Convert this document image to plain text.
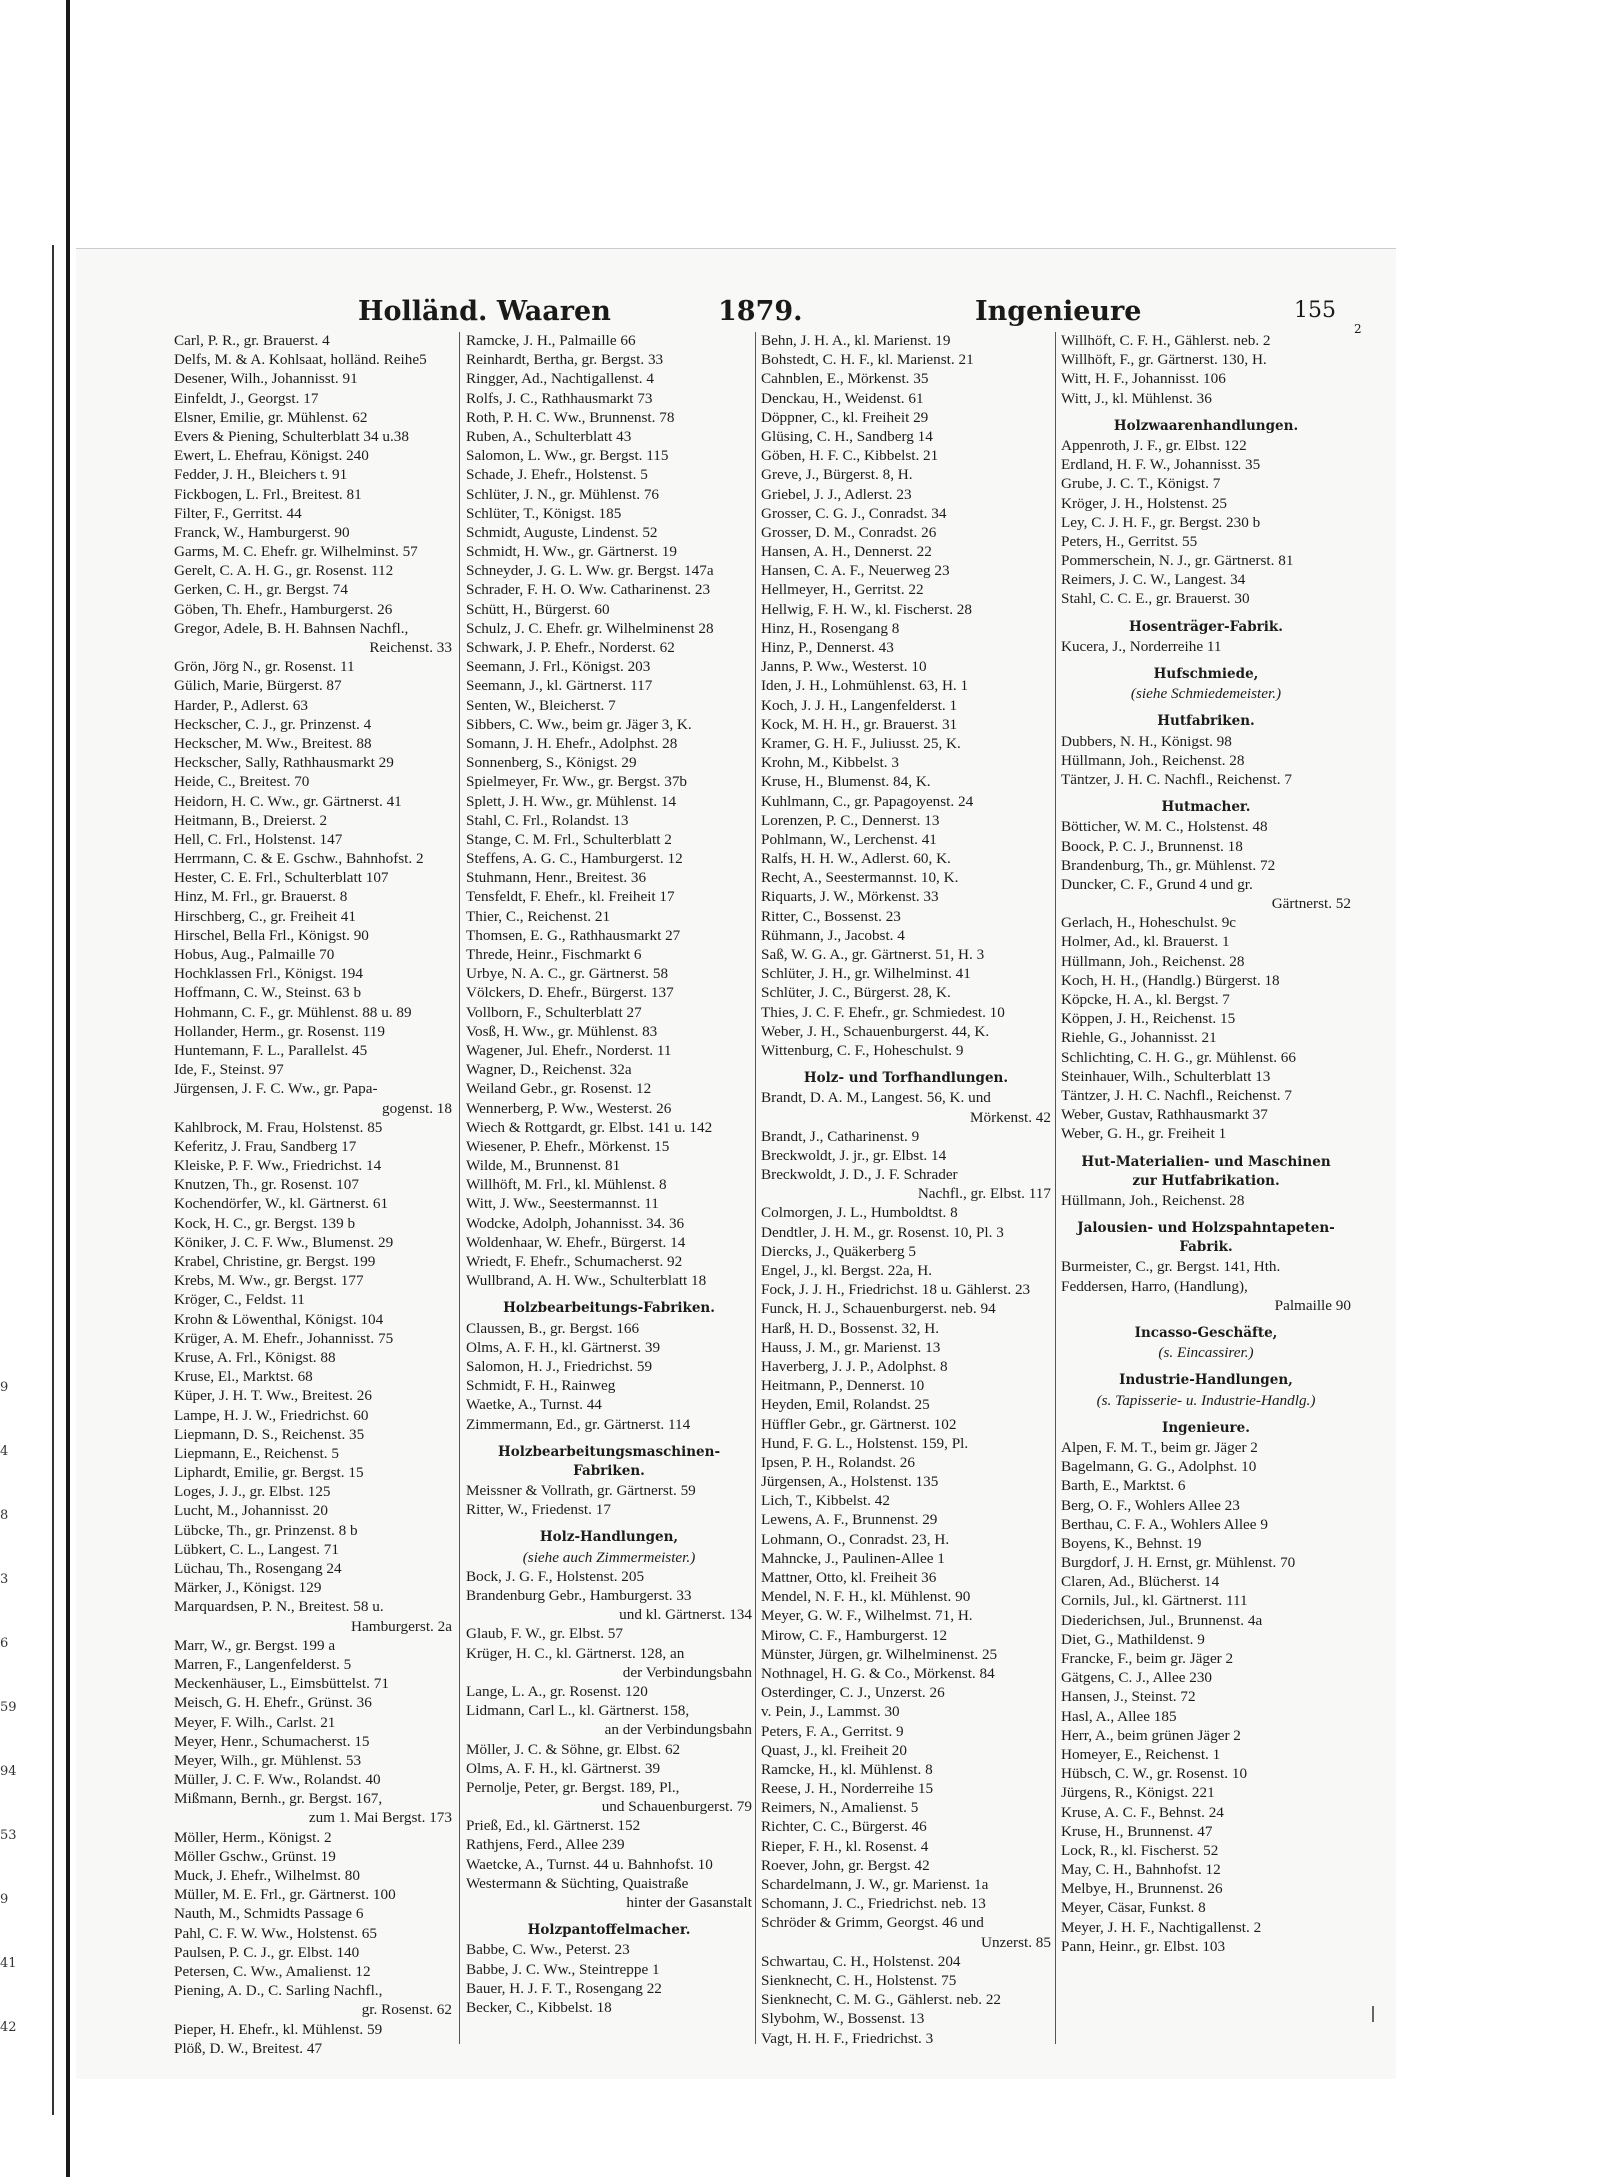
9
4
8
3
6
59
94
53
9
41
42
Holländ. Waaren	1879.	Ingenieure	155
2
Carl, P. R., gr. Brauerst. 4
Delfs, M. & A. Kohlsaat, holländ. Reihe5
Desener, Wilh., Johannisst. 91
Einfeldt, J., Georgst. 17
Elsner, Emilie, gr. Mühlenst. 62
Evers & Piening, Schulterblatt 34 u.38
Ewert, L. Ehefrau, Königst. 240
Fedder, J. H., Bleichers t. 91
Fickbogen, L. Frl., Breitest. 81
Filter, F., Gerritst. 44
Franck, W., Hamburgerst. 90
Garms, M. C. Ehefr. gr. Wilhelminst. 57
Gerelt, C. A. H. G., gr. Rosenst. 112
Gerken, C. H., gr. Bergst. 74
Göben, Th. Ehefr., Hamburgerst. 26
Gregor, Adele, B. H. Bahnsen Nachfl.,
Reichenst. 33
Grön, Jörg N., gr. Rosenst. 11
Gülich, Marie, Bürgerst. 87
Harder, P., Adlerst. 63
Heckscher, C. J., gr. Prinzenst. 4
Heckscher, M. Ww., Breitest. 88
Heckscher, Sally, Rathhausmarkt 29
Heide, C., Breitest. 70
Heidorn, H. C. Ww., gr. Gärtnerst. 41
Heitmann, B., Dreierst. 2
Hell, C. Frl., Holstenst. 147
Herrmann, C. & E. Gschw., Bahnhofst. 2
Hester, C. E. Frl., Schulterblatt 107
Hinz, M. Frl., gr. Brauerst. 8
Hirschberg, C., gr. Freiheit 41
Hirschel, Bella Frl., Königst. 90
Hobus, Aug., Palmaille 70
Hochklassen Frl., Königst. 194
Hoffmann, C. W., Steinst. 63 b
Hohmann, C. F., gr. Mühlenst. 88 u. 89
Hollander, Herm., gr. Rosenst. 119
Huntemann, F. L., Parallelst. 45
Ide, F., Steinst. 97
Jürgensen, J. F. C. Ww., gr. Papa-
gogenst. 18
Kahlbrock, M. Frau, Holstenst. 85
Keferitz, J. Frau, Sandberg 17
Kleiske, P. F. Ww., Friedrichst. 14
Knutzen, Th., gr. Rosenst. 107
Kochendörfer, W., kl. Gärtnerst. 61
Kock, H. C., gr. Bergst. 139 b
Köniker, J. C. F. Ww., Blumenst. 29
Krabel, Christine, gr. Bergst. 199
Krebs, M. Ww., gr. Bergst. 177
Kröger, C., Feldst. 11
Krohn & Löwenthal, Königst. 104
Krüger, A. M. Ehefr., Johannisst. 75
Kruse, A. Frl., Königst. 88
Kruse, El., Marktst. 68
Küper, J. H. T. Ww., Breitest. 26
Lampe, H. J. W., Friedrichst. 60
Liepmann, D. S., Reichenst. 35
Liepmann, E., Reichenst. 5
Liphardt, Emilie, gr. Bergst. 15
Loges, J. J., gr. Elbst. 125
Lucht, M., Johannisst. 20
Lübcke, Th., gr. Prinzenst. 8 b
Lübkert, C. L., Langest. 71
Lüchau, Th., Rosengang 24
Märker, J., Königst. 129
Marquardsen, P. N., Breitest. 58 u.
Hamburgerst. 2a
Marr, W., gr. Bergst. 199 a
Marren, F., Langenfelderst. 5
Meckenhäuser, L., Eimsbüttelst. 71
Meisch, G. H. Ehefr., Grünst. 36
Meyer, F. Wilh., Carlst. 21
Meyer, Henr., Schumacherst. 15
Meyer, Wilh., gr. Mühlenst. 53
Müller, J. C. F. Ww., Rolandst. 40
Mißmann, Bernh., gr. Bergst. 167,
zum 1. Mai Bergst. 173
Möller, Herm., Königst. 2
Möller Gschw., Grünst. 19
Muck, J. Ehefr., Wilhelmst. 80
Müller, M. E. Frl., gr. Gärtnerst. 100
Nauth, M., Schmidts Passage 6
Pahl, C. F. W. Ww., Holstenst. 65
Paulsen, P. C. J., gr. Elbst. 140
Petersen, C. Ww., Amalienst. 12
Piening, A. D., C. Sarling Nachfl.,
gr. Rosenst. 62
Pieper, H. Ehefr., kl. Mühlenst. 59
Plöß, D. W., Breitest. 47
Ramcke, J. H., Palmaille 66
Reinhardt, Bertha, gr. Bergst. 33
Ringger, Ad., Nachtigallenst. 4
Rolfs, J. C., Rathhausmarkt 73
Roth, P. H. C. Ww., Brunnenst. 78
Ruben, A., Schulterblatt 43
Salomon, L. Ww., gr. Bergst. 115
Schade, J. Ehefr., Holstenst. 5
Schlüter, J. N., gr. Mühlenst. 76
Schlüter, T., Königst. 185
Schmidt, Auguste, Lindenst. 52
Schmidt, H. Ww., gr. Gärtnerst. 19
Schneyder, J. G. L. Ww. gr. Bergst. 147a
Schrader, F. H. O. Ww. Catharinenst. 23
Schütt, H., Bürgerst. 60
Schulz, J. C. Ehefr. gr. Wilhelminenst 28
Schwark, J. P. Ehefr., Norderst. 62
Seemann, J. Frl., Königst. 203
Seemann, J., kl. Gärtnerst. 117
Senten, W., Bleicherst. 7
Sibbers, C. Ww., beim gr. Jäger 3, K.
Somann, J. H. Ehefr., Adolphst. 28
Sonnenberg, S., Königst. 29
Spielmeyer, Fr. Ww., gr. Bergst. 37b
Splett, J. H. Ww., gr. Mühlenst. 14
Stahl, C. Frl., Rolandst. 13
Stange, C. M. Frl., Schulterblatt 2
Steffens, A. G. C., Hamburgerst. 12
Stuhmann, Henr., Breitest. 36
Tensfeldt, F. Ehefr., kl. Freiheit 17
Thier, C., Reichenst. 21
Thomsen, E. G., Rathhausmarkt 27
Threde, Heinr., Fischmarkt 6
Urbye, N. A. C., gr. Gärtnerst. 58
Völckers, D. Ehefr., Bürgerst. 137
Vollborn, F., Schulterblatt 27
Vosß, H. Ww., gr. Mühlenst. 83
Wagener, Jul. Ehefr., Norderst. 11
Wagner, D., Reichenst. 32a
Weiland Gebr., gr. Rosenst. 12
Wennerberg, P. Ww., Westerst. 26
Wiech & Rottgardt, gr. Elbst. 141 u. 142
Wiesener, P. Ehefr., Mörkenst. 15
Wilde, M., Brunnenst. 81
Willhöft, M. Frl., kl. Mühlenst. 8
Witt, J. Ww., Seestermannst. 11
Wodcke, Adolph, Johannisst. 34. 36
Woldenhaar, W. Ehefr., Bürgerst. 14
Wriedt, F. Ehefr., Schumacherst. 92
Wullbrand, A. H. Ww., Schulterblatt 18
Holzbearbeitungs-Fabriken.
Claussen, B., gr. Bergst. 166
Olms, A. F. H., kl. Gärtnerst. 39
Salomon, H. J., Friedrichst. 59
Schmidt, F. H., Rainweg
Waetke, A., Turnst. 44
Zimmermann, Ed., gr. Gärtnerst. 114
Holzbearbeitungsmaschinen-
Fabriken.
Meissner & Vollrath, gr. Gärtnerst. 59
Ritter, W., Friedenst. 17
Holz-Handlungen,
(siehe auch Zimmermeister.)
Bock, J. G. F., Holstenst. 205
Brandenburg Gebr., Hamburgerst. 33
und kl. Gärtnerst. 134
Glaub, F. W., gr. Elbst. 57
Krüger, H. C., kl. Gärtnerst. 128, an
der Verbindungsbahn
Lange, L. A., gr. Rosenst. 120
Lidmann, Carl L., kl. Gärtnerst. 158,
an der Verbindungsbahn
Möller, J. C. & Söhne, gr. Elbst. 62
Olms, A. F. H., kl. Gärtnerst. 39
Pernolje, Peter, gr. Bergst. 189, Pl.,
und Schauenburgerst. 79
Prieß, Ed., kl. Gärtnerst. 152
Rathjens, Ferd., Allee 239
Waetcke, A., Turnst. 44 u. Bahnhofst. 10
Westermann & Süchting, Quaistraße
hinter der Gasanstalt
Holzpantoffelmacher.
Babbe, C. Ww., Peterst. 23
Babbe, J. C. Ww., Steintreppe 1
Bauer, H. J. F. T., Rosengang 22
Becker, C., Kibbelst. 18
Behn, J. H. A., kl. Marienst. 19
Bohstedt, C. H. F., kl. Marienst. 21
Cahnblen, E., Mörkenst. 35
Denckau, H., Weidenst. 61
Döppner, C., kl. Freiheit 29
Glüsing, C. H., Sandberg 14
Göben, H. F. C., Kibbelst. 21
Greve, J., Bürgerst. 8, H.
Griebel, J. J., Adlerst. 23
Grosser, C. G. J., Conradst. 34
Grosser, D. M., Conradst. 26
Hansen, A. H., Dennerst. 22
Hansen, C. A. F., Neuerweg 23
Hellmeyer, H., Gerritst. 22
Hellwig, F. H. W., kl. Fischerst. 28
Hinz, H., Rosengang 8
Hinz, P., Dennerst. 43
Janns, P. Ww., Westerst. 10
Iden, J. H., Lohmühlenst. 63, H. 1
Koch, J. J. H., Langenfelderst. 1
Kock, M. H. H., gr. Brauerst. 31
Kramer, G. H. F., Juliusst. 25, K.
Krohn, M., Kibbelst. 3
Kruse, H., Blumenst. 84, K.
Kuhlmann, C., gr. Papagoyenst. 24
Lorenzen, P. C., Dennerst. 13
Pohlmann, W., Lerchenst. 41
Ralfs, H. H. W., Adlerst. 60, K.
Recht, A., Seestermannst. 10, K.
Riquarts, J. W., Mörkenst. 33
Ritter, C., Bossenst. 23
Rühmann, J., Jacobst. 4
Saß, W. G. A., gr. Gärtnerst. 51, H. 3
Schlüter, J. H., gr. Wilhelminst. 41
Schlüter, J. C., Bürgerst. 28, K.
Thies, J. C. F. Ehefr., gr. Schmiedest. 10
Weber, J. H., Schauenburgerst. 44, K.
Wittenburg, C. F., Hoheschulst. 9
Holz- und Torfhandlungen.
Brandt, D. A. M., Langest. 56, K. und
Mörkenst. 42
Brandt, J., Catharinenst. 9
Breckwoldt, J. jr., gr. Elbst. 14
Breckwoldt, J. D., J. F. Schrader
Nachfl., gr. Elbst. 117
Colmorgen, J. L., Humboldtst. 8
Dendtler, J. H. M., gr. Rosenst. 10, Pl. 3
Diercks, J., Quäkerberg 5
Engel, J., kl. Bergst. 22a, H.
Fock, J. J. H., Friedrichst. 18 u. Gählerst. 23
Funck, H. J., Schauenburgerst. neb. 94
Harß, H. D., Bossenst. 32, H.
Hauss, J. M., gr. Marienst. 13
Haverberg, J. J. P., Adolphst. 8
Heitmann, P., Dennerst. 10
Heyden, Emil, Rolandst. 25
Hüffler Gebr., gr. Gärtnerst. 102
Hund, F. G. L., Holstenst. 159, Pl.
Ipsen, P. H., Rolandst. 26
Jürgensen, A., Holstenst. 135
Lich, T., Kibbelst. 42
Lewens, A. F., Brunnenst. 29
Lohmann, O., Conradst. 23, H.
Mahncke, J., Paulinen-Allee 1
Mattner, Otto, kl. Freiheit 36
Mendel, N. F. H., kl. Mühlenst. 90
Meyer, G. W. F., Wilhelmst. 71, H.
Mirow, C. F., Hamburgerst. 12
Münster, Jürgen, gr. Wilhelminenst. 25
Nothnagel, H. G. & Co., Mörkenst. 84
Osterdinger, C. J., Unzerst. 26
v. Pein, J., Lammst. 30
Peters, F. A., Gerritst. 9
Quast, J., kl. Freiheit 20
Ramcke, H., kl. Mühlenst. 8
Reese, J. H., Norderreihe 15
Reimers, N., Amalienst. 5
Richter, C. C., Bürgerst. 46
Rieper, F. H., kl. Rosenst. 4
Roever, John, gr. Bergst. 42
Schardelmann, J. W., gr. Marienst. 1a
Schomann, J. C., Friedrichst. neb. 13
Schröder & Grimm, Georgst. 46 und
Unzerst. 85
Schwartau, C. H., Holstenst. 204
Sienknecht, C. H., Holstenst. 75
Sienknecht, C. M. G., Gählerst. neb. 22
Slybohm, W., Bossenst. 13
Vagt, H. H. F., Friedrichst. 3
Willhöft, C. F. H., Gählerst. neb. 2
Willhöft, F., gr. Gärtnerst. 130, H.
Witt, H. F., Johannisst. 106
Witt, J., kl. Mühlenst. 36
Holzwaarenhandlungen.
Appenroth, J. F., gr. Elbst. 122
Erdland, H. F. W., Johannisst. 35
Grube, J. C. T., Königst. 7
Kröger, J. H., Holstenst. 25
Ley, C. J. H. F., gr. Bergst. 230 b
Peters, H., Gerritst. 55
Pommerschein, N. J., gr. Gärtnerst. 81
Reimers, J. C. W., Langest. 34
Stahl, C. C. E., gr. Brauerst. 30
Hosenträger-Fabrik.
Kucera, J., Norderreihe 11
Hufschmiede,
(siehe Schmiedemeister.)
Hutfabriken.
Dubbers, N. H., Königst. 98
Hüllmann, Joh., Reichenst. 28
Täntzer, J. H. C. Nachfl., Reichenst. 7
Hutmacher.
Bötticher, W. M. C., Holstenst. 48
Boock, P. C. J., Brunnenst. 18
Brandenburg, Th., gr. Mühlenst. 72
Duncker, C. F., Grund 4 und gr.
Gärtnerst. 52
Gerlach, H., Hoheschulst. 9c
Holmer, Ad., kl. Brauerst. 1
Hüllmann, Joh., Reichenst. 28
Koch, H. H., (Handlg.) Bürgerst. 18
Köpcke, H. A., kl. Bergst. 7
Köppen, J. H., Reichenst. 15
Riehle, G., Johannisst. 21
Schlichting, C. H. G., gr. Mühlenst. 66
Steinhauer, Wilh., Schulterblatt 13
Täntzer, J. H. C. Nachfl., Reichenst. 7
Weber, Gustav, Rathhausmarkt 37
Weber, G. H., gr. Freiheit 1
Hut-Materialien- und Maschinen
zur Hutfabrikation.
Hüllmann, Joh., Reichenst. 28
Jalousien- und Holzspahntapeten-
Fabrik.
Burmeister, C., gr. Bergst. 141, Hth.
Feddersen, Harro, (Handlung),
Palmaille 90
Incasso-Geschäfte,
(s. Eincassirer.)
Industrie-Handlungen,
(s. Tapisserie- u. Industrie-Handlg.)
Ingenieure.
Alpen, F. M. T., beim gr. Jäger 2
Bagelmann, G. G., Adolphst. 10
Barth, E., Marktst. 6
Berg, O. F., Wohlers Allee 23
Berthau, C. F. A., Wohlers Allee 9
Boyens, K., Behnst. 19
Burgdorf, J. H. Ernst, gr. Mühlenst. 70
Claren, Ad., Blücherst. 14
Cornils, Jul., kl. Gärtnerst. 111
Diederichsen, Jul., Brunnenst. 4a
Diet, G., Mathildenst. 9
Francke, F., beim gr. Jäger 2
Gätgens, C. J., Allee 230
Hansen, J., Steinst. 72
Hasl, A., Allee 185
Herr, A., beim grünen Jäger 2
Homeyer, E., Reichenst. 1
Hübsch, C. W., gr. Rosenst. 10
Jürgens, R., Königst. 221
Kruse, A. C. F., Behnst. 24
Kruse, H., Brunnenst. 47
Lock, R., kl. Fischerst. 52
May, C. H., Bahnhofst. 12
Melbye, H., Brunnenst. 26
Meyer, Cäsar, Funkst. 8
Meyer, J. H. F., Nachtigallenst. 2
Pann, Heinr., gr. Elbst. 103
